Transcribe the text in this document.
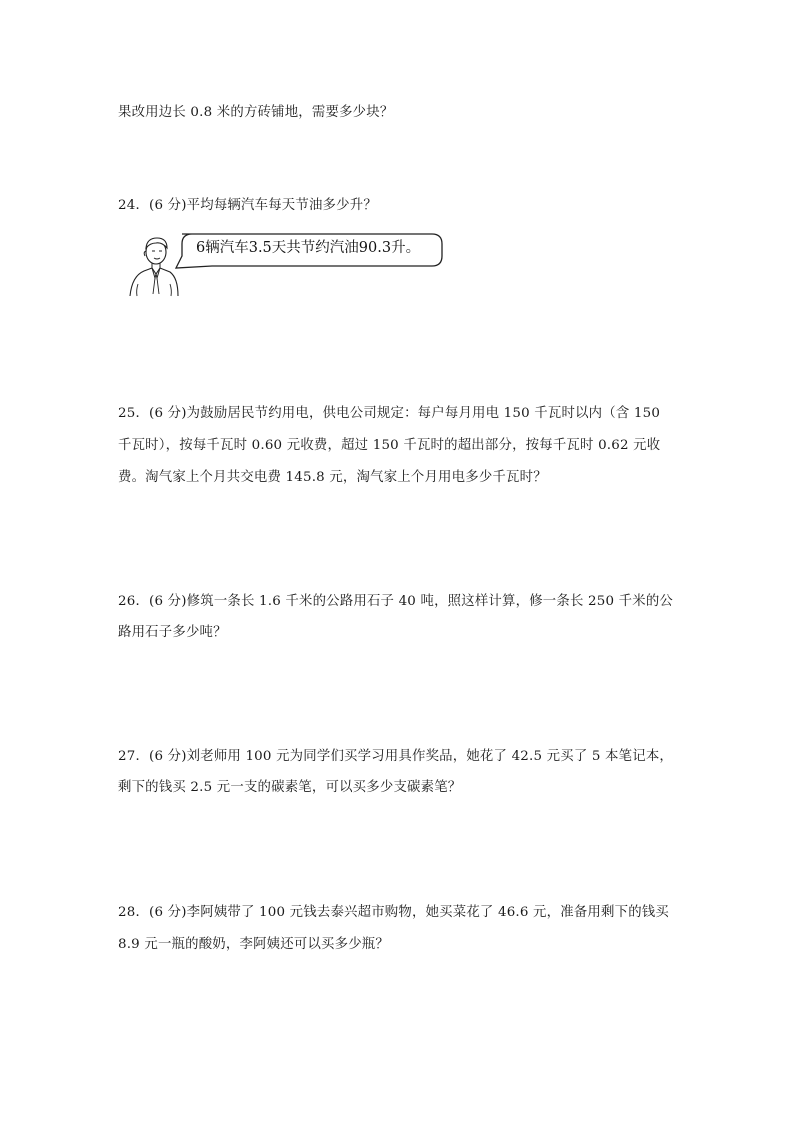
果改用边长 0.8 米的方砖铺地，需要多少块？
24．(6 分)平均每辆汽车每天节油多少升？
6辆汽车3.5天共节约汽油90.3升。
25．(6 分)为鼓励居民节约用电，供电公司规定：每户每月用电 150 千瓦时以内（含 150
千瓦时），按每千瓦时 0.60 元收费，超过 150 千瓦时的超出部分，按每千瓦时 0.62 元收
费。淘气家上个月共交电费 145.8 元，淘气家上个月用电多少千瓦时？
26．(6 分)修筑一条长 1.6 千米的公路用石子 40 吨，照这样计算，修一条长 250 千米的公
路用石子多少吨？
27．(6 分)刘老师用 100 元为同学们买学习用具作奖品，她花了 42.5 元买了 5 本笔记本，
剩下的钱买 2.5 元一支的碳素笔，可以买多少支碳素笔？
28．(6 分)李阿姨带了 100 元钱去泰兴超市购物，她买菜花了 46.6 元，准备用剩下的钱买
8.9 元一瓶的酸奶，李阿姨还可以买多少瓶？
